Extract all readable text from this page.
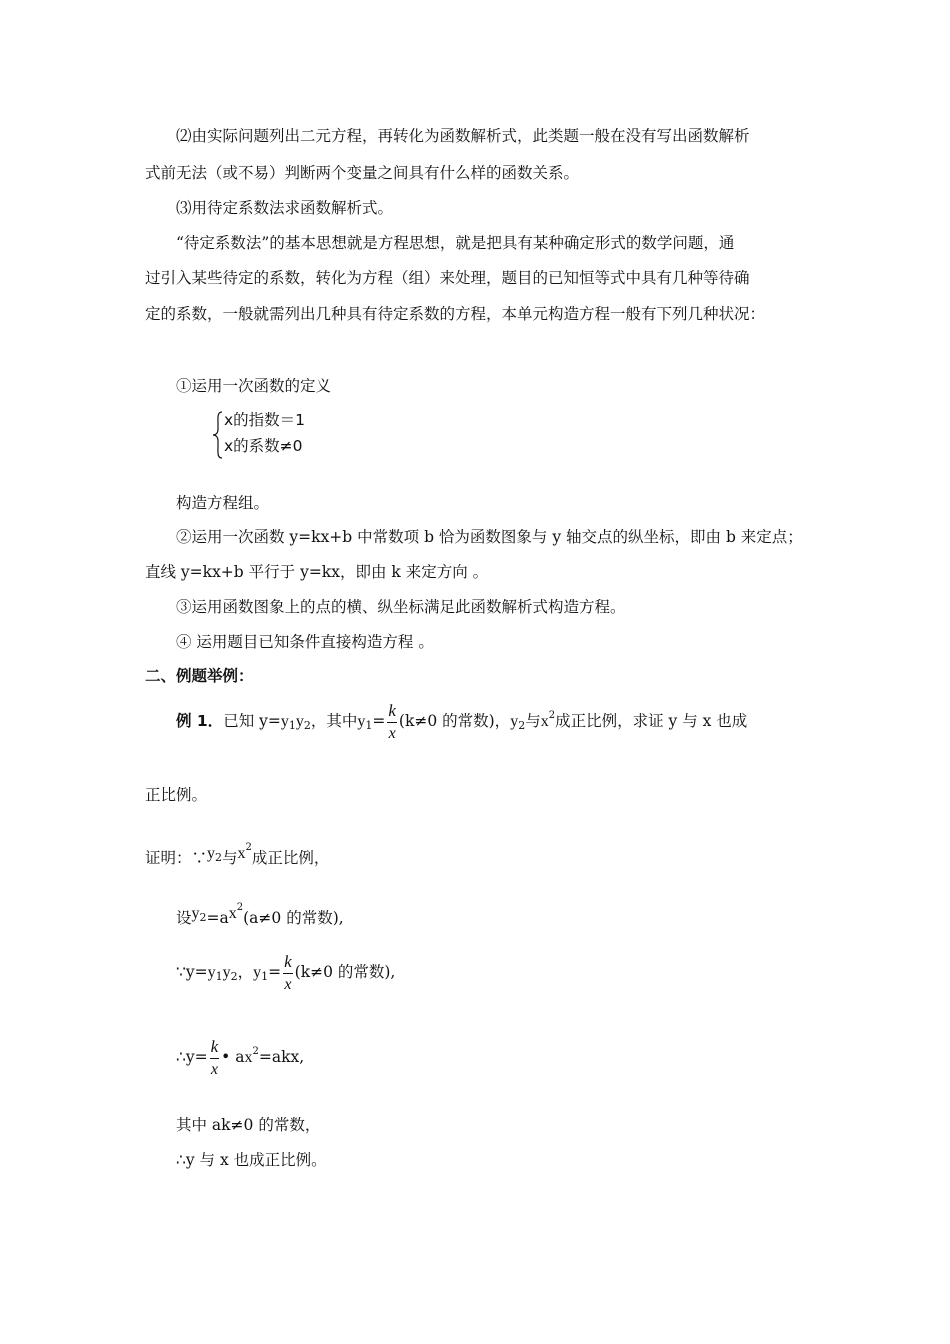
⑵由实际问题列出二元方程，再转化为函数解析式，此类题一般在没有写出函数解析
式前无法（或不易）判断两个变量之间具有什么样的函数关系。
⑶用待定系数法求函数解析式。
“待定系数法”的基本思想就是方程思想，就是把具有某种确定形式的数学问题，通
过引入某些待定的系数，转化为方程（组）来处理，题目的已知恒等式中具有几种等待确
定的系数，一般就需列出几种具有待定系数的方程，本单元构造方程一般有下列几种状况：
①运用一次函数的定义
x的指数＝1
x的系数≠0
构造方程组。
②运用一次函数 y=kx+b 中常数项 b 恰为函数图象与 y 轴交点的纵坐标，即由 b 来定点；
直线 y=kx+b 平行于 y=kx，即由 k 来定方向 。
③运用函数图象上的点的横、纵坐标满足此函数解析式构造方程。
④ 运用题目已知条件直接构造方程 。
二、例题举例：
例 1．已知 $y=y_1y_2$，其中$y_1= \frac{k}{x} (k\ne 0$ 的常数)，$y_2$与$x^2$成正比例，求证 y 与 x 也成
正比例。
证明：$\because y_2$与$x^2$成正比例，
设$y_2=ax^2(a\ne 0$ 的常数),
$\because y=y_1y_2$，$y_1= \frac{k}{x} (k\ne 0$ 的常数),
∴y= $\frac{k}{x}$ • $ax^2=akx$,
其中 ak≠0 的常数，
∴y 与 x 也成正比例。
